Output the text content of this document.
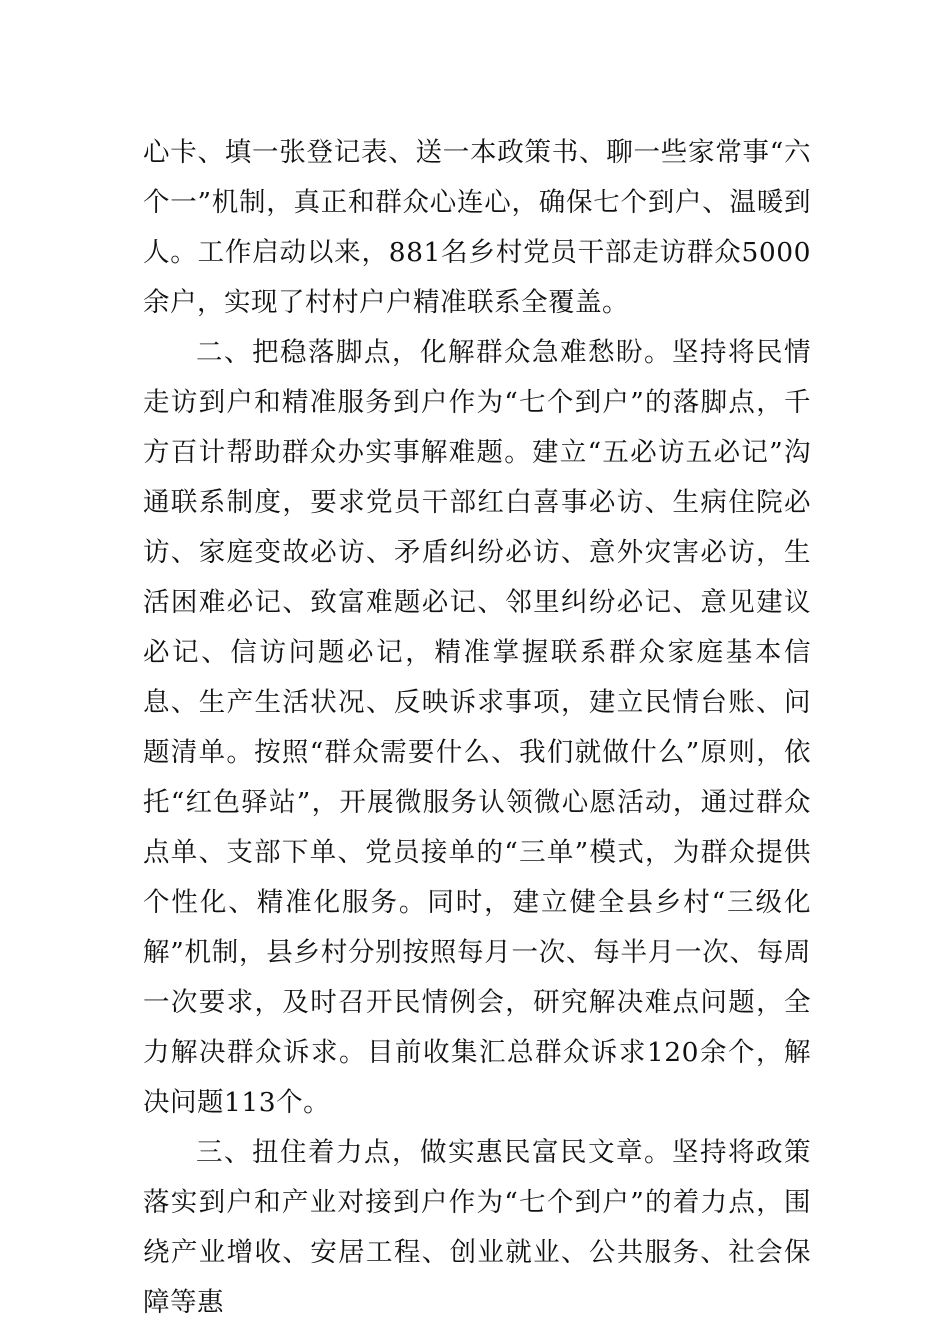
心卡、填一张登记表、送一本政策书、聊一些家常事“六个一”机制，真正和群众心连心，确保七个到户、温暖到人。工作启动以来，881名乡村党员干部走访群众5000余户，实现了村村户户精准联系全覆盖。

二、把稳落脚点，化解群众急难愁盼。坚持将民情走访到户和精准服务到户作为“七个到户”的落脚点，千方百计帮助群众办实事解难题。建立“五必访五必记”沟通联系制度，要求党员干部红白喜事必访、生病住院必访、家庭变故必访、矛盾纠纷必访、意外灾害必访，生活困难必记、致富难题必记、邻里纠纷必记、意见建议必记、信访问题必记，精准掌握联系群众家庭基本信息、生产生活状况、反映诉求事项，建立民情台账、问题清单。按照“群众需要什么、我们就做什么”原则，依托“红色驿站”，开展微服务认领微心愿活动，通过群众点单、支部下单、党员接单的“三单”模式，为群众提供个性化、精准化服务。同时，建立健全县乡村“三级化解”机制，县乡村分别按照每月一次、每半月一次、每周一次要求，及时召开民情例会，研究解决难点问题，全力解决群众诉求。目前收集汇总群众诉求120余个，解决问题113个。

三、扭住着力点，做实惠民富民文章。坚持将政策落实到户和产业对接到户作为“七个到户”的着力点，围绕产业增收、安居工程、创业就业、公共服务、社会保障等惠
